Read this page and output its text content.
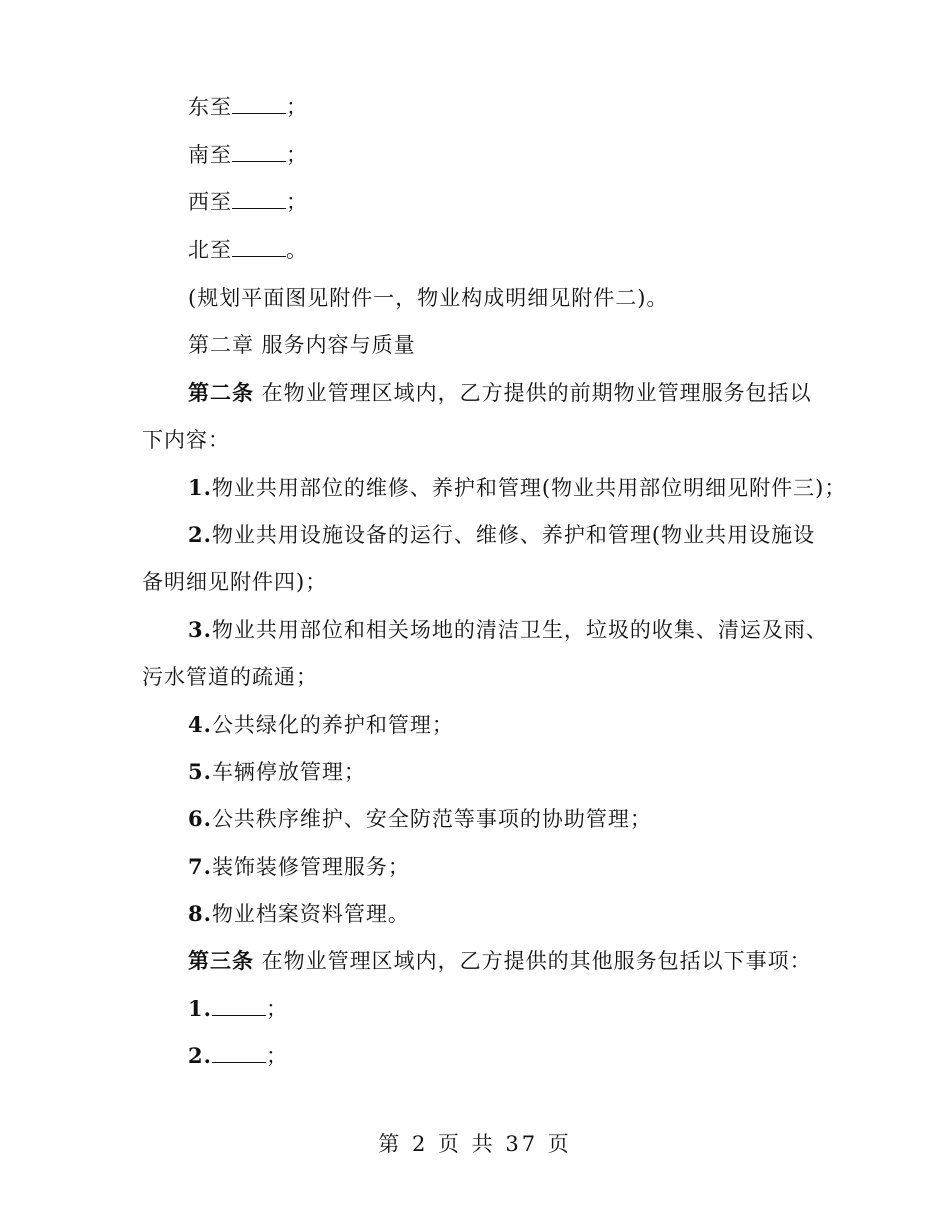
东至	；
南至	；
西至	；
北至	。
(规划平面图见附件一，物业构成明细见附件二)。
第二章 服务内容与质量
第二条 在物业管理区域内，乙方提供的前期物业管理服务包括以
下内容：
1.物业共用部位的维修、养护和管理(物业共用部位明细见附件三)；
2.物业共用设施设备的运行、维修、养护和管理(物业共用设施设
备明细见附件四)；
3.物业共用部位和相关场地的清洁卫生，垃圾的收集、清运及雨、
污水管道的疏通；
4.公共绿化的养护和管理；
5.车辆停放管理；
6.公共秩序维护、安全防范等事项的协助管理；
7.装饰装修管理服务；
8.物业档案资料管理。
第三条 在物业管理区域内，乙方提供的其他服务包括以下事项：
1.	；
2.	；
第 2 页 共 37 页
